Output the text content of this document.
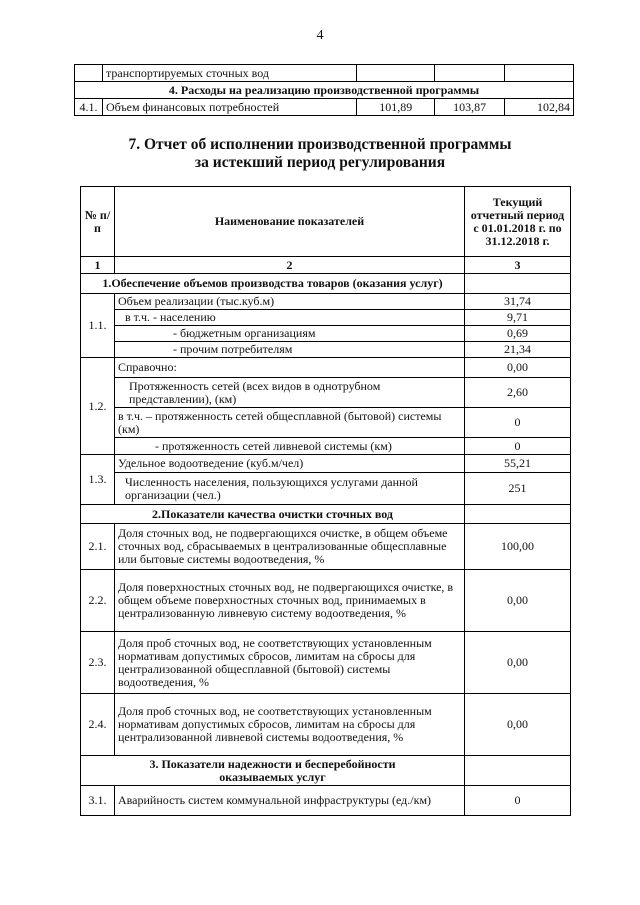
4
	транспортируемых сточных вод			
4. Расходы на реализацию производственной программы				
4.1.	Объем финансовых потребностей	101,89	103,87	102,84
7. Отчет об исполнении производственной программы
за истекший период регулирования
№ п/п	Наименование показателей	Текущий отчетный период с 01.01.2018 г. по 31.12.2018 г.
1	2	3
1.Обеспечение объемов производства товаров (оказания услуг)		
1.1.	Объем реализации (тыс.куб.м)	31,74
	в т.ч. - населению	9,71
	- бюджетным организациям	0,69
	- прочим потребителям	21,34
1.2.	Справочно:	0,00
	Протяженность сетей (всех видов в однотрубном представлении), (км)	2,60
	в т.ч. – протяженность сетей общесплавной (бытовой) системы (км)	0
	- протяженность сетей ливневой системы (км)	0
1.3.	Удельное водоотведение (куб.м/чел)	55,21
	Численность населения, пользующихся услугами данной организации (чел.)	251
2.Показатели качества очистки сточных вод		
2.1.	Доля сточных вод, не подвергающихся очистке, в общем объеме сточных вод, сбрасываемых в централизованные общесплавные или бытовые системы водоотведения, %	100,00
2.2.	Доля поверхностных сточных вод, не подвергающихся очистке, в общем объеме поверхностных сточных вод, принимаемых в централизованную ливневую систему водоотведения, %	0,00
2.3.	Доля проб сточных вод, не соответствующих установленным нормативам допустимых сбросов, лимитам на сбросы для централизованной общесплавной (бытовой) системы водоотведения, %	0,00
2.4.	Доля проб сточных вод, не соответствующих установленным нормативам допустимых сбросов, лимитам на сбросы для централизованной ливневой системы водоотведения, %	0,00
3. Показатели надежности и бесперебойности оказываемых услуг		
3.1.	Аварийность систем коммунальной инфраструктуры (ед./км)	0
